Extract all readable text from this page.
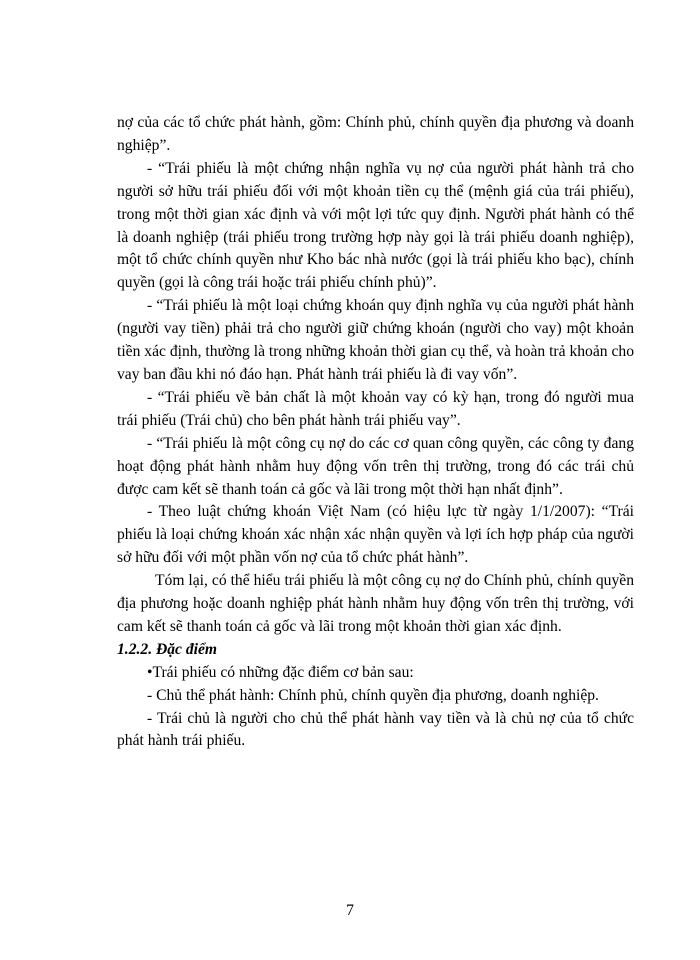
nợ của các tổ chức phát hành, gồm: Chính phủ, chính quyền địa phương và doanh nghiệp”.

- “Trái phiếu là một chứng nhận nghĩa vụ nợ của người phát hành trả cho người sở hữu trái phiếu đối với một khoản tiền cụ thể (mệnh giá của trái phiếu), trong một thời gian xác định và với một lợi tức quy định. Người phát hành có thể là doanh nghiệp (trái phiếu trong trường hợp này gọi là trái phiếu doanh nghiệp), một tổ chức chính quyền như Kho bác nhà nước (gọi là trái phiếu kho bạc), chính quyền (gọi là công trái hoặc trái phiếu chính phủ)”.

- “Trái phiếu là một loại chứng khoán quy định nghĩa vụ của người phát hành (người vay tiền) phải trả cho người giữ chứng khoán (người cho vay) một khoản tiền xác định, thường là trong những khoản thời gian cụ thể, và hoàn trả khoản cho vay ban đầu khi nó đáo hạn. Phát hành trái phiếu là đi vay vốn”.

- “Trái phiếu về bản chất là một khoản vay có kỳ hạn, trong đó người mua trái phiếu (Trái chủ) cho bên phát hành trái phiếu vay”.

- “Trái phiếu là một công cụ nợ do các cơ quan công quyền, các công ty đang hoạt động phát hành nhằm huy động vốn trên thị trường, trong đó các trái chủ được cam kết sẽ thanh toán cả gốc và lãi trong một thời hạn nhất định”.

- Theo luật chứng khoán Việt Nam (có hiệu lực từ ngày 1/1/2007): “Trái phiếu là loại chứng khoán xác nhận xác nhận quyền và lợi ích hợp pháp của người sở hữu đối với một phần vốn nợ của tổ chức phát hành”.

Tóm lại, có thể hiểu trái phiếu là một công cụ nợ do Chính phủ, chính quyền địa phương hoặc doanh nghiệp phát hành nhằm huy động vốn trên thị trường, với cam kết sẽ thanh toán cả gốc và lãi trong một khoản thời gian xác định.

1.2.2. Đặc điểm

•Trái phiếu có những đặc điểm cơ bản sau:

- Chủ thể phát hành: Chính phủ, chính quyền địa phương, doanh nghiệp.

- Trái chủ là người cho chủ thể phát hành vay tiền và là chủ nợ của tổ chức phát hành trái phiếu.

7
